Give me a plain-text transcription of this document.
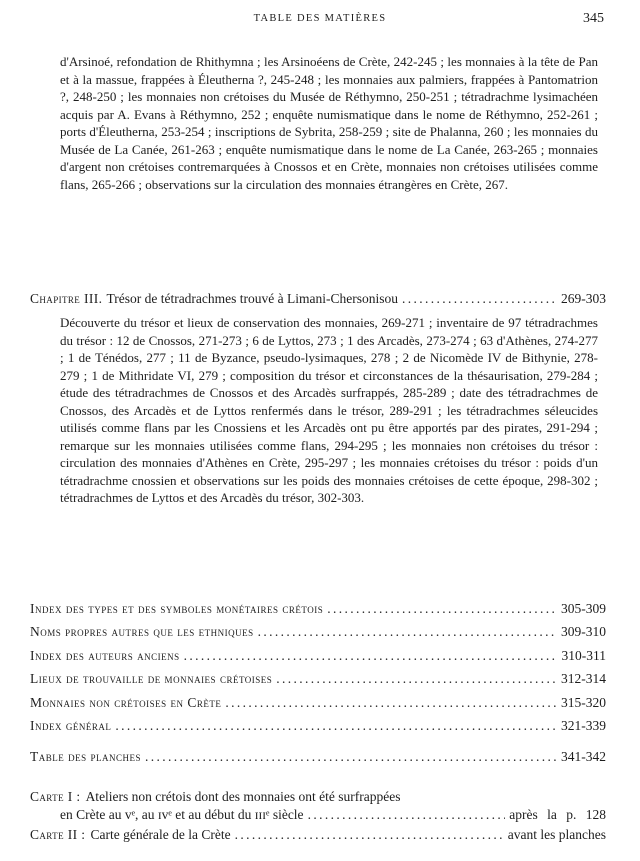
TABLE DES MATIÈRES	345
d'Arsinoé, refondation de Rhithymna ; les Arsinoéens de Crète, 242-245 ; les monnaies à la tête de Pan et à la massue, frappées à Éleutherna ?, 245-248 ; les monnaies aux palmiers, frappées à Pantomatrion ?, 248-250 ; les monnaies non crétoises du Musée de Réthymno, 250-251 ; tétradrachme lysimachéen acquis par A. Evans à Réthymno, 252 ; enquête numismatique dans le nome de Réthymno, 252-261 ; ports d'Éleutherna, 253-254 ; inscriptions de Sybrita, 258-259 ; site de Phalanna, 260 ; les monnaies du Musée de La Canée, 261-263 ; enquête numismatique dans le nome de La Canée, 263-265 ; monnaies d'argent non crétoises contremarquées à Cnossos et en Crète, monnaies non crétoises utilisées comme flans, 265-266 ; observations sur la circulation des monnaies étrangères en Crète, 267.
Chapitre III. Trésor de tétradrachmes trouvé à Limani-Chersonisou . . .	269-303
Découverte du trésor et lieux de conservation des monnaies, 269-271 ; inventaire de 97 tétradrachmes du trésor : 12 de Cnossos, 271-273 ; 6 de Lyttos, 273 ; 1 des Arcadès, 273-274 ; 63 d'Athènes, 274-277 ; 1 de Ténédos, 277 ; 11 de Byzance, pseudo-lysimaques, 278 ; 2 de Nicomède IV de Bithynie, 278-279 ; 1 de Mithridate VI, 279 ; composition du trésor et circonstances de la thésaurisation, 279-284 ; étude des tétradrachmes de Cnossos et des Arcadès surfrappés, 285-289 ; date des tétradrachmes de Cnossos, des Arcadès et de Lyttos renfermés dans le trésor, 289-291 ; les tétradrachmes séleucides utilisés comme flans par les Cnossiens et les Arcadès ont pu être apportés par des pirates, 291-294 ; remarque sur les monnaies utilisées comme flans, 294-295 ; les monnaies non crétoises du trésor : circulation des monnaies d'Athènes en Crète, 295-297 ; les monnaies crétoises du trésor : poids d'un tétradrachme cnossien et observations sur les poids des monnaies crétoises de cette époque, 298-302 ; tétradrachmes de Lyttos et des Arcadès du trésor, 302-303.
Index des types et des symboles monétaires crétois . . .	305-309
Noms propres autres que les ethniques . . .	309-310
Index des auteurs anciens . . .	310-311
Lieux de trouvaille de monnaies crétoises . . .	312-314
Monnaies non crétoises en Crète . . .	315-320
Index général . . .	321-339
Table des planches . . .	341-342
Carte I : Ateliers non crétois dont des monnaies ont été surfrappées
en Crète au vᵉ, au ɪᴠᵉ et au début du ɪɪɪᵉ siècle . . .	après la p. 128
Carte II : Carte générale de la Crète . . .	avant les planches
